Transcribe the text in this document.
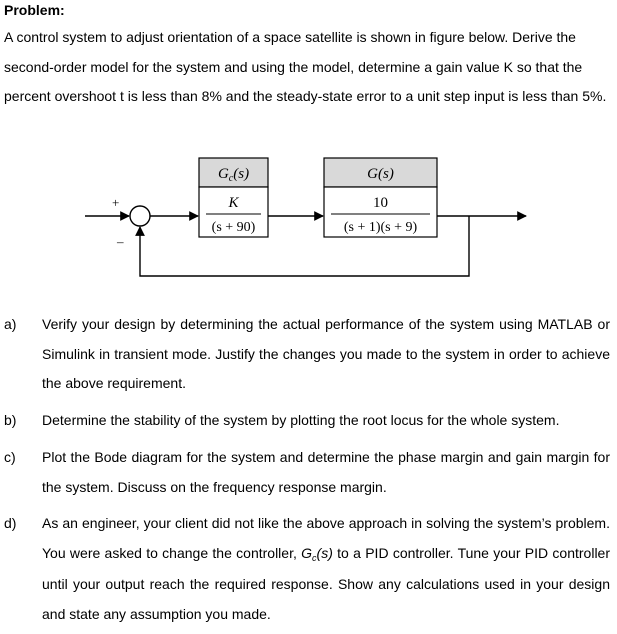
Problem:
A control system to adjust orientation of a space satellite is shown in figure below. Derive the second-order model for the system and using the model, determine a gain value K so that the percent overshoot t is less than 8% and the steady-state error to a unit step input is less than 5%.
+
–
$G_c(s)$
K
(s + 90)
G(s)
10
(s + 1)(s + 9)
a) Verify your design by determining the actual performance of the system using MATLAB or Simulink in transient mode. Justify the changes you made to the system in order to achieve the above requirement.
b) Determine the stability of the system by plotting the root locus for the whole system.
c) Plot the Bode diagram for the system and determine the phase margin and gain margin for the system. Discuss on the frequency response margin.
d) As an engineer, your client did not like the above approach in solving the system’s problem. You were asked to change the controller, $G_c(s)$ to a PID controller. Tune your PID controller until your output reach the required response. Show any calculations used in your design and state any assumption you made.
